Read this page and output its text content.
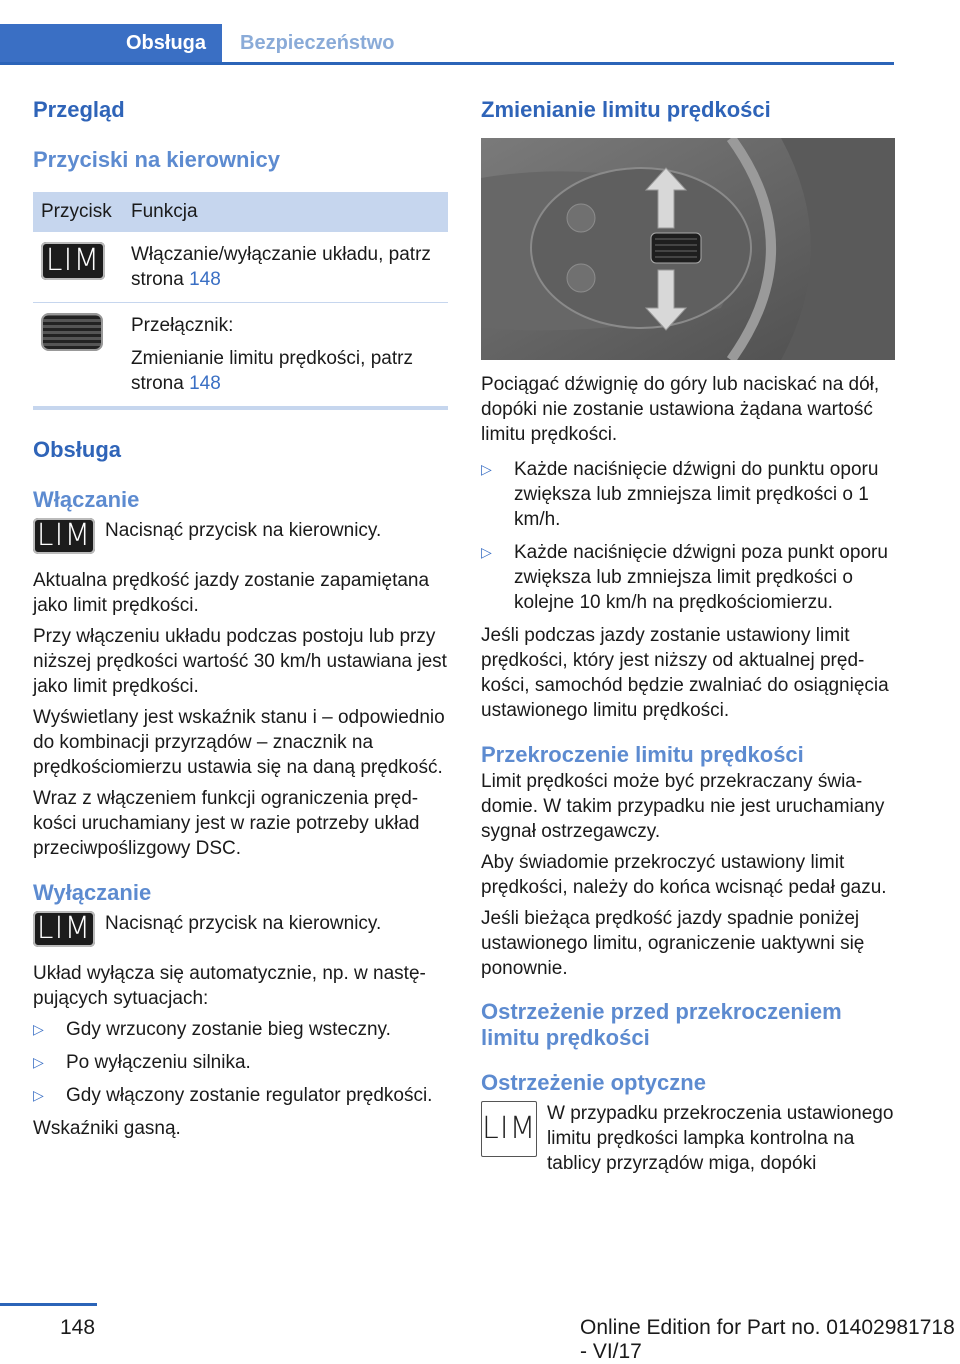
Obsługa	Bezpieczeństwo
Przegląd
Przyciski na kierownicy
Przycisk	Funkcja
LIM	Włączanie/wyłączanie układu, patrz strona 148

	Przełącznik:
Zmienianie limitu prędkości, patrz strona 148
Obsługa
Włączanie
LIM Nacisnąć przycisk na kierownicy.

Aktualna prędkość jazdy zostanie zapamiętana jako limit prędkości.

Przy włączeniu układu podczas postoju lub przy niższej prędkości wartość 30 km/h ustawiana jest jako limit prędkości.

Wyświetlany jest wskaźnik stanu i – odpowiednio do kombinacji przyrządów – znacznik na prędkościomierzu ustawia się na daną prędkość.

Wraz z włączeniem funkcji ograniczenia prędkości uruchamiany jest w razie potrzeby układ przeciwpoślizgowy DSC.

Wyłączanie
LIM Nacisnąć przycisk na kierownicy.

Układ wyłącza się automatycznie, np. w następujących sytuacjach:

▷ Gdy wrzucony zostanie bieg wsteczny.
▷ Po wyłączeniu silnika.
▷ Gdy włączony zostanie regulator prędkości.

Wskaźniki gasną.

Zmienianie limitu prędkości

Pociągać dźwignię do góry lub naciskać na dół, dopóki nie zostanie ustawiona żądana wartość limitu prędkości.

▷ Każde naciśnięcie dźwigni do punktu oporu zwiększa lub zmniejsza limit prędkości o 1 km/h.
▷ Każde naciśnięcie dźwigni poza punkt oporu zwiększa lub zmniejsza limit prędkości o kolejne 10 km/h na prędkościomierzu.

Jeśli podczas jazdy zostanie ustawiony limit prędkości, który jest niższy od aktualnej prędkości, samochód będzie zwalniać do osiągnięcia ustawionego limitu prędkości.

Przekroczenie limitu prędkości

Limit prędkości może być przekraczany świadomie. W takim przypadku nie jest uruchamiany sygnał ostrzegawczy.

Aby świadomie przekroczyć ustawiony limit prędkości, należy do końca wcisnąć pedał gazu.

Jeśli bieżąca prędkość jazdy spadnie poniżej ustawionego limitu, ograniczenie uaktywni się ponownie.

Ostrzeżenie przed przekroczeniem limitu prędkości
Ostrzeżenie optyczne
LIM W przypadku przekroczenia ustawionego limitu prędkości lampka kontrolna na tablicy przyrządów miga, dopóki

148	Online Edition for Part no. 01402981718 - VI/17
